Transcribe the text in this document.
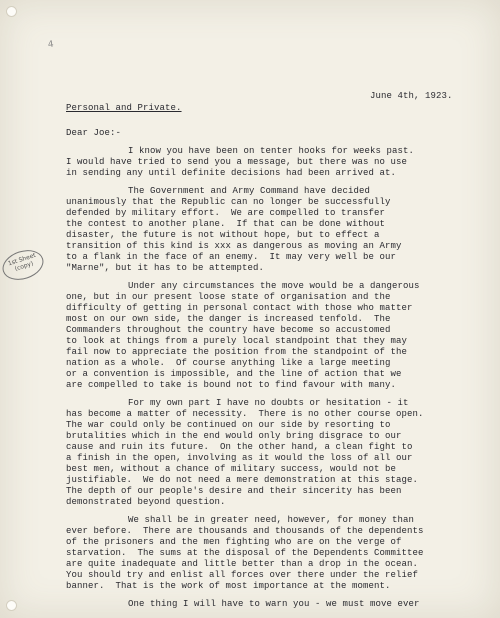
4
June 4th, 1923.
Personal and Private.
Dear Joe:-
1st Sheet (copy)
I know you have been on tenter hooks for weeks past.
I would have tried to send you a message, but there was no use
in sending any until definite decisions had been arrived at.
The Government and Army Command have decided
unanimously that the Republic can no longer be successfully
defended by military effort.  We are compelled to transfer
the contest to another plane.  If that can be done without
disaster, the future is not without hope, but to effect a
transition of this kind is xxx as dangerous as moving an Army
to a flank in the face of an enemy.  It may very well be our
"Marne", but it has to be attempted.
Under any circumstances the move would be a dangerous
one, but in our present loose state of organisation and the
difficulty of getting in personal contact with those who matter
most on our own side, the danger is increased tenfold.  The
Commanders throughout the country have become so accustomed
to look at things from a purely local standpoint that they may
fail now to appreciate the position from the standpoint of the
nation as a whole.  Of course anything like a large meeting
or a convention is impossible, and the line of action that we
are compelled to take is bound not to find favour with many.
For my own part I have no doubts or hesitation - it
has become a matter of necessity.  There is no other course open.
The war could only be continued on our side by resorting to
brutalities which in the end would only bring disgrace to our
cause and ruin its future.  On the other hand, a clean fight to
a finish in the open, involving as it would the loss of all our
best men, without a chance of military success, would not be
justifiable.  We do not need a mere demonstration at this stage.
The depth of our people's desire and their sincerity has been
demonstrated beyond question.
We shall be in greater need, however, for money than
ever before.  There are thousands and thousands of the dependents
of the prisoners and the men fighting who are on the verge of
starvation.  The sums at the disposal of the Dependents Committee
are quite inadequate and little better than a drop in the ocean.
You should try and enlist all forces over there under the relief
banner.  That is the work of most importance at the moment.
One thing I will have to warn you - we must move ever
